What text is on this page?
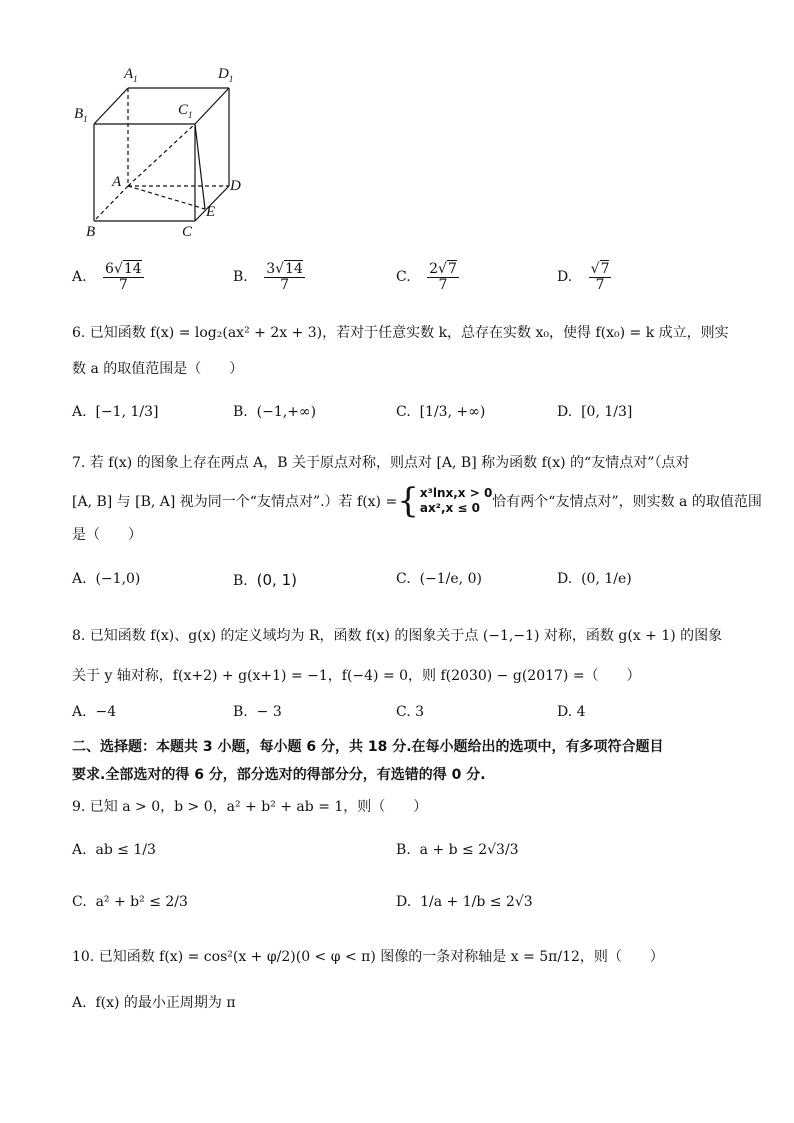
$A_1$	$D_1$
$B_1$
$C_1$
A	D
E
B	C
A. $\frac{6√14}{7}$	B. $\frac{3√14}{7}$	C. $\frac{2√7}{7}$	D. $\frac{√7}{7}$
6. 已知函数 f(x) = log₂(ax² + 2x + 3)，若对于任意实数 k，总存在实数 x₀，使得 f(x₀) = k 成立，则实
数 a 的取值范围是（　　）
A. [−1, 1/3]	B. (−1,+∞)	C. [1/3, +∞)	D. [0, 1/3]
7. 若 f(x) 的图象上存在两点 A，B 关于原点对称，则点对 [A, B] 称为函数 f(x) 的“友情点对”（点对
[A, B] 与 [B, A] 视为同一个“友情点对”.）若 f(x) = { x³lnx,x > 0
ax²,x ≤ 0 恰有两个“友情点对”，则实数 a 的取值范围
是（　　）
A. (−1,0)	B. (0, 1)	C. (−1/e, 0)	D. (0, 1/e)
8. 已知函数 f(x)、g(x) 的定义域均为 R，函数 f(x) 的图象关于点 (−1,−1) 对称，函数 g(x + 1) 的图象
关于 y 轴对称，f(x+2) + g(x+1) = −1，f(−4) = 0，则 f(2030) − g(2017) =（　　）
A. −4	B. − 3	C. 3	D. 4
二、选择题：本题共 3 小题，每小题 6 分，共 18 分.在每小题给出的选项中，有多项符合题目
要求.全部选对的得 6 分，部分选对的得部分分，有选错的得 0 分.
9. 已知 a > 0，b > 0，a² + b² + ab = 1，则（　　）
A. ab ≤ 1/3	B. a + b ≤ 2√3/3
C. a² + b² ≤ 2/3	D. 1/a + 1/b ≤ 2√3
10. 已知函数 f(x) = cos²(x + φ/2)(0 < φ < π) 图像的一条对称轴是 x = 5π/12，则（　　）
A. f(x) 的最小正周期为 π
